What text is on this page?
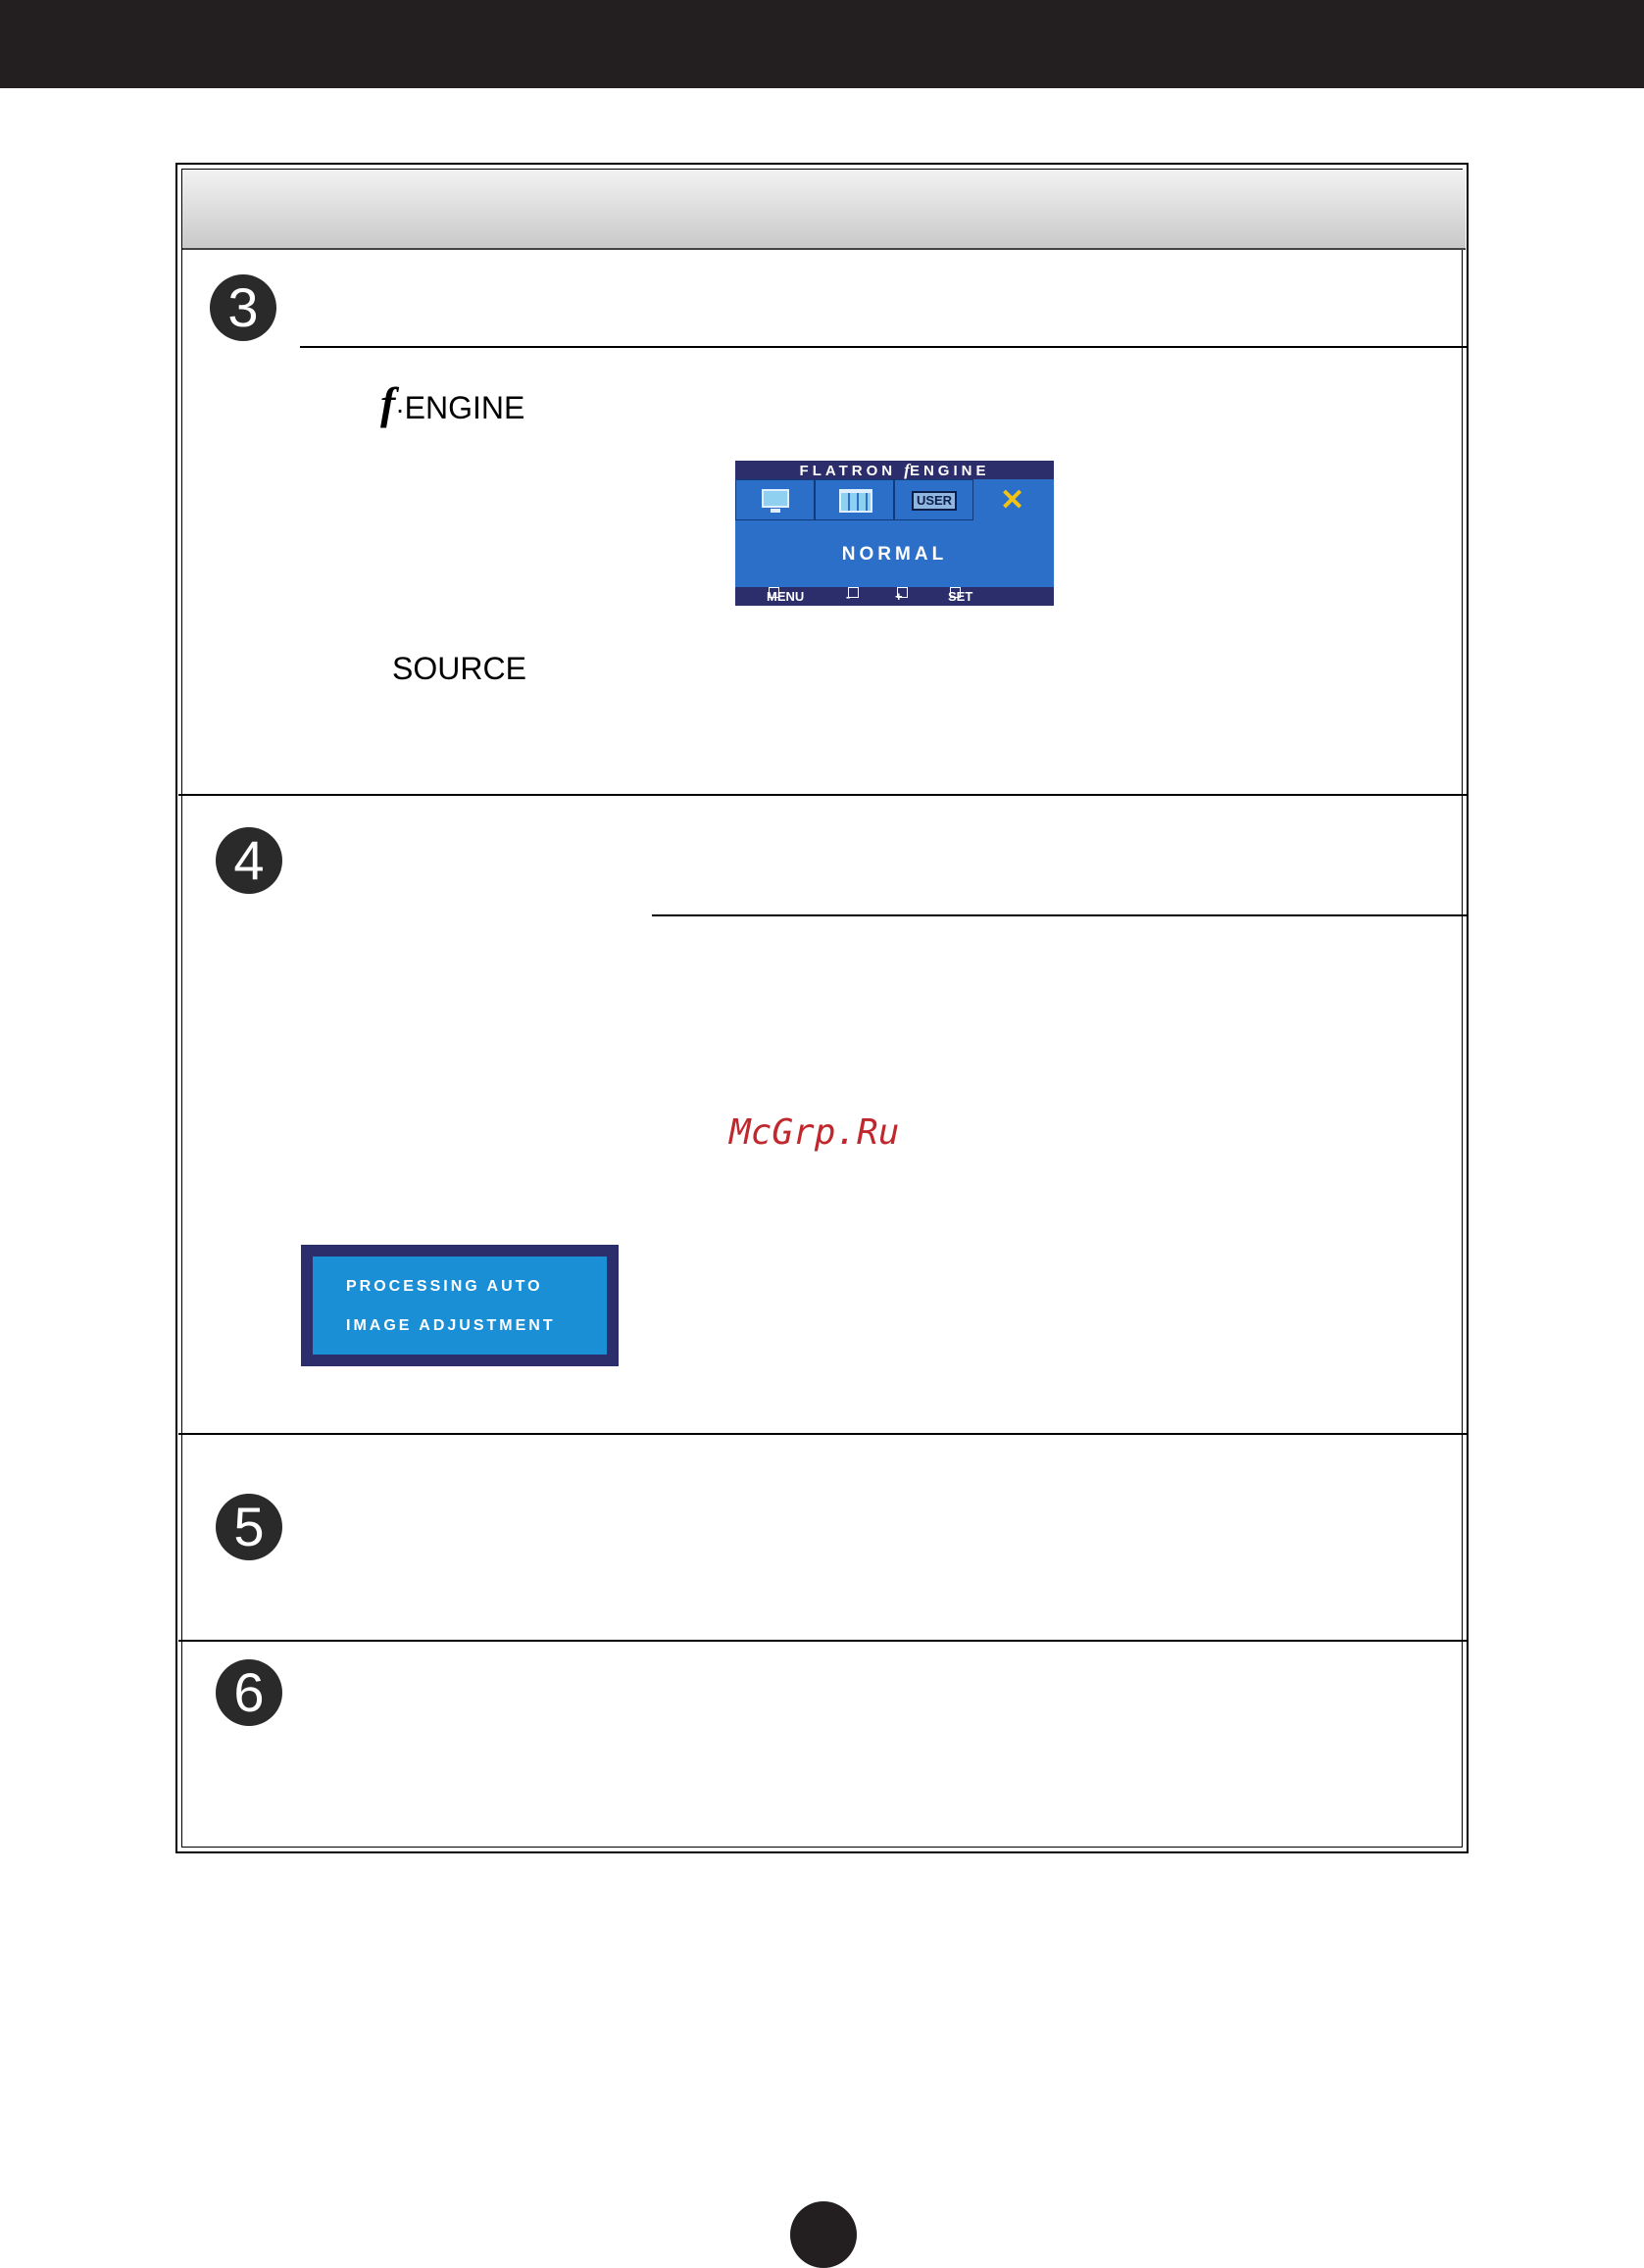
3
f·ENGINE
FLATRON fENGINE
USER ✕
NORMAL
MENU	-	+	SET
SOURCE
4
McGrp.Ru
PROCESSING AUTO
IMAGE ADJUSTMENT
5
6
